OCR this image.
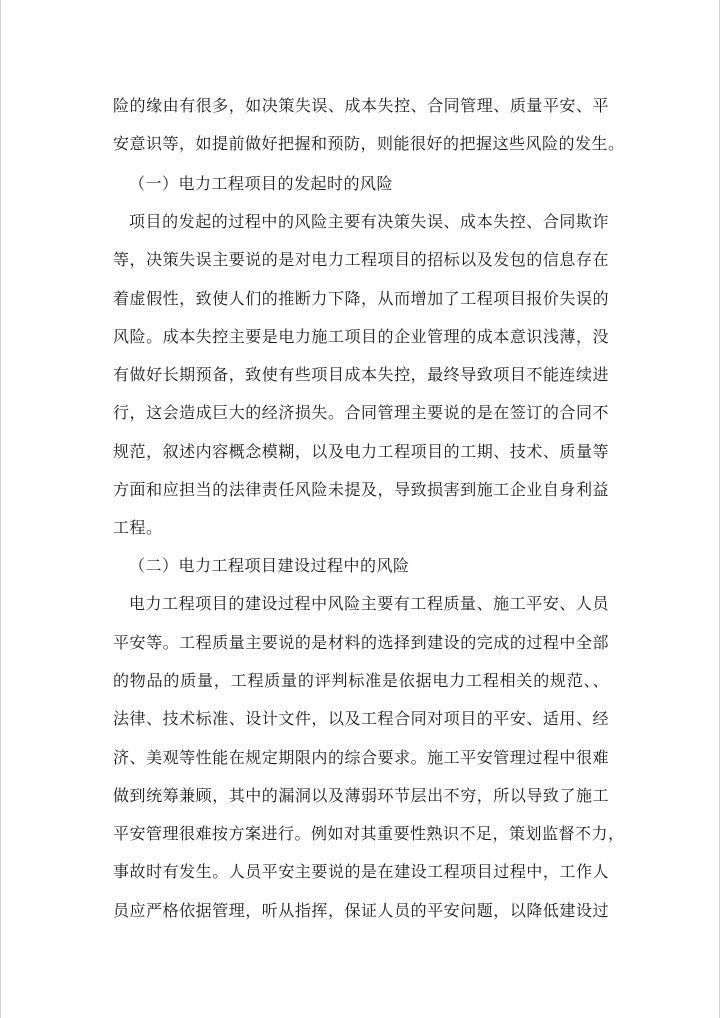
险的缘由有很多，如决策失误、成本失控、合同管理、质量平安、平
安意识等，如提前做好把握和预防，则能很好的把握这些风险的发生。
（一）电力工程项目的发起时的风险
项目的发起的过程中的风险主要有决策失误、成本失控、合同欺诈
等，决策失误主要说的是对电力工程项目的招标以及发包的信息存在
着虚假性，致使人们的推断力下降，从而增加了工程项目报价失误的
风险。成本失控主要是电力施工项目的企业管理的成本意识浅薄，没
有做好长期预备，致使有些项目成本失控，最终导致项目不能连续进
行，这会造成巨大的经济损失。合同管理主要说的是在签订的合同不
规范，叙述内容概念模糊，以及电力工程项目的工期、技术、质量等
方面和应担当的法律责任风险未提及，导致损害到施工企业自身利益
工程。
（二）电力工程项目建设过程中的风险
电力工程项目的建设过程中风险主要有工程质量、施工平安、人员
平安等。工程质量主要说的是材料的选择到建设的完成的过程中全部
的物品的质量，工程质量的评判标准是依据电力工程相关的规范、、
法律、技术标准、设计文件，以及工程合同对项目的平安、适用、经
济、美观等性能在规定期限内的综合要求。施工平安管理过程中很难
做到统筹兼顾，其中的漏洞以及薄弱环节层出不穷，所以导致了施工
平安管理很难按方案进行。例如对其重要性熟识不足，策划监督不力，
事故时有发生。人员平安主要说的是在建设工程项目过程中，工作人
员应严格依据管理，听从指挥，保证人员的平安问题，以降低建设过
